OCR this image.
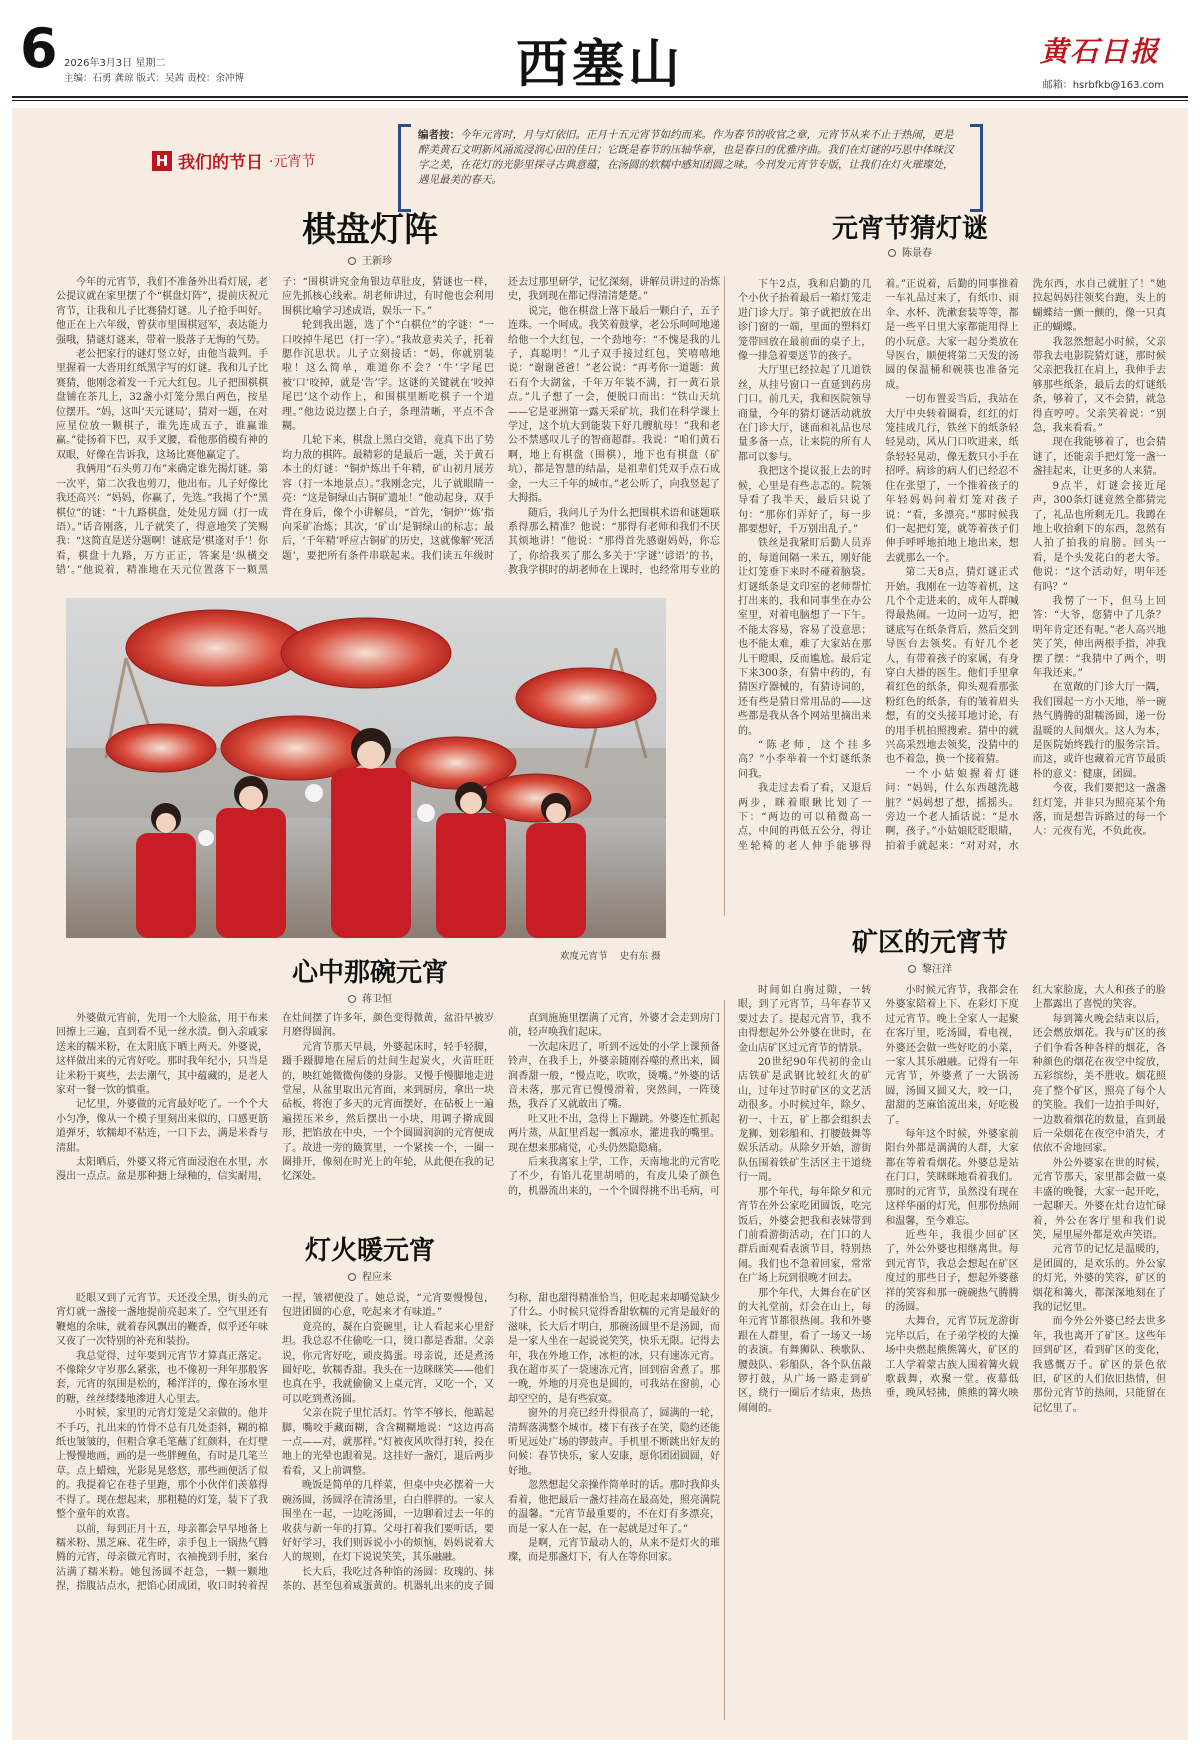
6 2026年3月3日 星期二
主编：石勇 龚琼 版式：吴茜 责校：余冲博	西塞山	黄石日报
邮箱：hsrbfkb@163.com
H 我们的节日 ·元宵节
编者按：今年元宵时，月与灯依旧。正月十五元宵节如约而来。作为春节的收官之章，元宵节从来不止于热闹，更是醉美黄石文明新风涌流浸润心田的佳日；它既是春节的压轴华章，也是春日的优雅序曲。我们在灯谜的巧思中体味汉字之美，在花灯的光影里探寻古典意蕴，在汤圆的软糯中感知团圆之味。今刊发元宵节专版，让我们在灯火璀璨处，遇见最美的春天。
棋盘灯阵
王新珍

今年的元宵节，我们不准备外出看灯展，老公提议就在家里摆了个“棋盘灯阵”，提前庆祝元宵节，让我和儿子比赛猜灯谜。儿子抢手叫好。他正在上六年级，曾获市里围棋冠军，表达能力强哦，猜谜灯谜来，带着一股落子无悔的气势。

老公把家行的谜灯竖立好，由他当裁判。手里握着一大沓用红纸黑字写的灯谜。我和儿子比赛猜，他刚念着发一千元大红包。儿子把围棋棋盘铺在茶几上，32盏小灯笼分黑白两色，按星位摆开。“妈，这叫‘天元谜局’，猜对一题，在对应星位放一颗棋子，谁先连成五子，谁赢谁赢。”徒扬着下巴，双手叉腰，看他那俏模有神的双眼，好像在告诉我，这场比赛他赢定了。

我俩用“石头剪刀布”来确定谁先揭灯谜。第一次平，第二次我也剪刀，他出布。儿子好像比我还高兴：“妈妈，你赢了，先选。”我揭了个“黑棋位”的谜：“十九路棋盘，处处见方圆（打一成语）。”话音刚落，儿子就笑了，得意地笑了笑赐我：“这简直是送分题啊！谜底是‘棋逢对手’！你看，棋盘十九路，万方正正，答案是‘纵横交错’。”他说着，精准地在天元位置落下一颗黑子：“围棋讲究金角银边草肚皮，猜谜也一样，应先抓核心线索。胡老师讲过，有时他也会利用围棋比喻学习述成语，娱乐一下。”

轮到我出题，选了个“白棋位”的字谜：“一口咬掉牛尾巴（打一字）。”我故意卖关子，托着腮作沉思状。儿子立刻接话：“妈，你就别装啦！这么简单，难道你不会？‘牛’字尾巴被‘口’咬掉，就是‘告’字。这谜的关键就在‘咬掉尾巴’这个动作上，和围棋里断吃棋子一个道理。”他边说边摆上白子，条理清晰，平点不含糊。

几轮下来，棋盘上黑白交错，竟真下出了势均力敌的棋阵。最精彩的是最后一题，关于黄石本土的灯谜：“铜炉炼出千年精，矿山初月展芳容（打一本地景点）。”我刚念完，儿子就眼睛一亮：“这是铜绿山古铜矿遗址！”他动起身，双手背在身后，像个小讲解员，“首先，‘铜炉’‘炼’指向采矿冶炼；其次，‘矿山’是铜绿山的标志；最后，‘千年精’呼应古铜矿的历史，这就像解‘死活题’，要把所有条件串联起来。我们读五年级时还去过那里研学，记忆深刻，讲解员讲过的冶炼史，我到现在都记得清清楚楚。”

说完，他在棋盘上落下最后一颗白子，五子连珠。一个呵成。我笑着鼓掌，老公乐呵呵地递给他一个大红包，一个劲地夸：“不愧是我的儿子，真聪明！”儿子双手接过红包，笑嘻嘻地说：“谢谢爸爸！”老公说：“再考你一道题：黄石有个大湖盆，千年万年装不满，打一黄石景点。”儿子想了一会，便脱口而出：“铁山天坑——它是亚洲第一露天采矿坑，我们在科学课上学过，这个坑大到能装下好几艘航母！”我和老公不禁感叹儿子的智商超群。我说：“咱们黄石啊，地上有棋盘（围棋），地下也有棋盘（矿坑），都是智慧的结晶，是祖辈们凭双手点石成金，一大三千年的城市。”老公听了，向我竖起了大拇指。

随后，我问儿子为什么把围棋术语和谜题联系得那么精准？他说：“那得有老师和我们不厌其烦地讲！”他说：“那得首先感谢妈妈，你忘了，你给我买了那么多关于‘字谜’‘谚语’的书，教我学棋时的胡老师在上课时，也经常用专业的

欢度元宵节 史有东 摄
元宵节猜灯谜
陈景春

下午2点，我和启勤的几个小伙子抬着最后一箱灯笼走进门诊大厅。第子就把放在出诊门窗的一端，里面的塑料灯笼带回放在最前面的桌子上，像一排急着要送节的孩子。

大厅里已经拉起了几道铁丝，从挂号窗口一直延到药房门口。前几天，我和医院领导商量，今年的猜灯谜活动就放在门诊大厅，谜面和礼品也尽量多备一点，让来院的所有人都可以参与。

我把这个提议报上去的时候，心里是有些忐忑的。院领导看了我半天，最后只说了句：“那你们弄好了，每一步都要想好，千万别出乱子。”

铁丝是我紧盯后勤人员弄的，每道间隔一米五，刚好能让灯笼垂下来时不碰着脑袋。灯谜纸条是文印室的老师帮忙打出来的，我和同事坐在办公室里，对着电脑想了一下午。不能太容易，容易了没意思；也不能太难，难了大家站在那儿干瞪眼，反而尴尬。最后定下来300条，有猜中药的，有猜医疗器械的，有猜诗词的，还有些是猜日常用品的——这些都是我从各个网站里摘出来的。

“陈老师，这个挂多高？”小李举着一个灯谜纸条问我。

我走过去看了看，又退后两步，眯着眼瞅比划了一下：“两边的可以稍微高一点，中间的再低五公分，得让坐轮椅的老人伸手能够得着。”正说着，后勤的同事推着一车礼品过来了，有纸巾、雨伞、水杯、洗漱套装等等，都是一些平日里大家都能用得上的小玩意。大家一起分类放在导医台，顺便将第二天发的汤圆的保温桶和碗筷也准备完成。

一切布置妥当后，我站在大厅中央转着圈看，红红的灯笼挂成几行，铁丝下的纸条轻轻晃动，风从门口吹进来，纸条轻轻晃动，像无数只小手在招呼。病诊的病人们已经忍不住在张望了，一个推着孩子的年轻妈妈问着灯笼对孩子说：“看，多漂亮。”那时候我们一起把灯笼，就等着孩子们伸手呼呼地拍地上地出来，想去就那么一个。

第二天8点，猜灯谜正式开始。我刚在一边等着机，这几个个走进来的，成年人群喊得最热闹。一边问一边写，把谜底写在纸条背后，然后交到导医台去领奖。有好几个老人，有带着孩子的家属，有身穿白大褂的医生。他们手里拿着红色的纸条，仰头观看那张粉红色的纸条，有的皱着眉头想，有的交头接耳地讨论，有的用手机拍照搜索。猜中的就兴高采烈地去领奖，没猜中的也不着急，换一个接着猜。

一个小姑娘握着灯谜问：“妈妈，什么东西越洗越脏？”妈妈想了想，摇摇头。旁边一个老人插话说：“是水啊，孩子。”小姑娘眨眨眼睛，拍着手就起来：“对对对，水洗东西，水自己就脏了！”她拉起妈妈往领奖台跑，头上的蝴蝶结一颤一颤的，像一只真正的蝴蝶。

我忽然想起小时候，父亲带我去电影院猜灯谜，那时候父亲把我扛在肩上，我伸手去够那些纸条，最后去的灯谜纸条，够着了，又不会猜，就急得直哼哼。父亲笑着说：“别急，我来看看。”

现在我能够着了，也会猜谜了，还能亲手把灯笼一盏一盏挂起来，让更多的人来猜。

9点半，灯谜会接近尾声，300条灯谜竟然全都猜完了，礼品也所剩无几。我蹲在地上收拾剩下的东西，忽然有人拍了拍我的肩膀。回头一看，是个头发花白的老大爷。他说：“这个活动好，明年还有吗？”

我愣了一下，但马上回答：“大爷，您猜中了几条？明年肯定还有呢。”老人高兴地笑了笑，伸出两根手指，冲我摆了摆：“我猜中了两个，明年我还来。”

在宽敞的门诊大厅一隅，我们围起一方小天地，举一碗热气腾腾的甜糯汤圆，递一份温暖的人间烟火。这人为本，是医院始终践行的服务宗旨。而这，或许也藏着元宵节最质朴的意义：健康，团圆。

今夜，我们要把这一盏盏红灯笼，并非只为照亮某个角落，而是想告诉路过的每一个人：元夜有光，不负此夜。

心中那碗元宵
蒋卫恒

外婆做元宵前，先用一个大脸盆，用干布来回擦上三遍，直到看不见一丝水渍。倒入亲戚家送来的糯米粉，在太阳底下晒上两天。外婆说，这样做出来的元宵好吃。那时我年纪小，只当是让米粉干爽些，去去潮气，其中蕴藏的，是老人家对一餐一饮的慎重。

记忆里，外婆做的元宵最好吃了。一个个大小匀净，像从一个模子里刻出来似的，口感更筋道弹牙，软糯却不粘连，一口下去，满是米香与清甜。

太阳晒后，外婆又将元宵面浸泡在水里，水漫出一点点。盆是那种搪上绿釉的，信实耐用，在灶间摆了许多年，颜色变得微黄，盆沿早被岁月磨得圆润。

元宵节那天早晨，外婆起床时，轻手轻脚，蹑手蹑脚地在屋后的灶间生起炭火，火苗旺旺的，映红她微微佝偻的身影。又慢手慢脚地走进堂屋，从盆里取出元宵面，来到厨房，拿出一块砧板，将泡了多天的元宵面摆好，在砧板上一遍遍搓压米乡，然后摆出一小块，用调子擀成圆形，把馅放在中央，一个个圆圆润润的元宵便成了。故进一旁的簸箕里，一个紧挨一个，一圈一圈排开，像刻在时光上的年轮，从此便在我的记忆深处。

直到施施里摆满了元宵，外婆才会走到房门前，轻声唤我们起床。

一次起床迟了，听到不远处的小学上课预备铃声，在我手上，外婆亲随刚吞噬的煮出来，圆润香甜一般，“慢点吃，吹吹，烫嘴。”外婆的话音未落，那元宵已慢慢滑着，突然间，一阵烫热，我吞了又就敢出了嘴。

吐又吐不出，急得上下蹦跳。外婆连忙抓起两片蒸，从缸里舀起一瓢凉水，灌进我的嘴里。现在想来那痛觉，心头仍然隐隐痛。

后来我离家上学，工作，天南地北的元宵吃了不少，有馅儿花里胡哨的，有皮儿染了颜色的，机器流出来的，一个个圆得挑不出毛病，可

灯火暖元宵
程应来

眨眼又到了元宵节。天还没全黑，街头的元宵灯就一盏接一盏地提前亮起来了。空气里还有鞭炮的余味，就着春风飘出的鞭香，似乎还年味又夜了一次特别的补充和装扮。

我总觉得，过年要到元宵节才算真正落定。不像除夕守岁那么紧张，也不像初一拜年那般客套，元宵的氛围是松的，稀洋洋的，像在汤水里的糖，丝丝缕缕地渗进人心里去。

小时候，家里的元宵灯笼是父亲做的。他并不手巧，扎出来的竹骨不总有几处歪斜，糊的棉纸也皱皱的，但粗合拿毛笔蘸了红颜料，在灯壁上慢慢地画，画的是一些胖鲤鱼，有时是几笔兰草。点上蜡烛，光影晃晃悠悠，那些画便活了似的。我提着它在巷子里跑，那个小伙伴们羡慕得不得了。现在想起来，那粗糙的灯笼，装下了我整个童年的欢喜。

以前，每到正月十五，母亲都会早早地备上糯米粉、黑芝麻、花生碎，亲手包上一锅热气腾腾的元宵，母亲做元宵时，衣袖挽到手肘，案台沾满了糯米粉。她包汤圆不赶急，一颗一颗地捏，指腹沾点水，把馅心团成团，收口时转着捏一捏，皱褶便没了。她总说，“元宵要慢慢包，包进团圆的心意，吃起来才有味道。”

竟亮的，凝在白瓷碗里，让人看起来心里舒坦。我总忍不住偷吃一口，烫口都是香甜。父亲说，你元宵好吃，顽皮捣蛋。母亲说，还是煮汤圆好吃，软糯香甜。我头在一边眯眯笑——他们也真在乎，我就偷偷又上桌元宵，又吃一个，又可以吃到煮汤圆。

父亲在院子里忙活灯。竹竿不够长，他踮起脚，嘴咬手藏面糊，含含糊糊地说：“这边再高一点——对，就那样。”灯被夜风吹得打转，投在地上的光晕也跟着晃。这挂好一盏灯，退后两步看看，又上前调整。

晚饭是简单的几样菜，但桌中央必摆着一大碗汤圆，汤圆浮在清汤里，白白胖胖的。一家人围坐在一起，一边吃汤圆，一边聊着过去一年的收获与新一年的打算。父母打着我们要听话，要好好学习，我们则诉说小小的烦恼，妈妈说着大人的规则，在灯下说说笑笑，其乐融融。

长大后，我吃过各种馅的汤圆：玫瑰的、抹茶的、甚至包着咸蛋黄的。机器轧出来的皮子圆匀称，甜也甜得精准恰当，但吃起来却嚼觉缺少了什么。小时候只觉得香甜软糯的元宵是最好的滋味，长大后才明白，那碗汤圆里不是汤圆，而是一家人坐在一起说说笑笑，快乐无限。记得去年，我在外地工作，冰柜的冰，只有速冻元宵。我在超市买了一袋速冻元宵，回到宿舍煮了。那一晚，外地的月亮也是圆的，可我站在窗前，心却空空的，是有些寂寞。

窗外的月亮已经升得很高了，圆满的一轮，清辉落满整个城市。楼下有孩子在笑，隐约还能听见远处广场的锣鼓声。手机里不断跳出好友的问候：春节快乐，家人安康，愿你团团圆圆，好好地。

忽然想起父亲操作简单时的话。那时我仰头看着，他把最后一盏灯挂高在最高处，照亮满院的温馨。“元宵节最重要的，不在灯有多漂亮，而是一家人在一起，在一起就是过年了。”

是啊，元宵节最动人的，从来不是灯火的璀璨，而是那盏灯下，有人在等你回家。

矿区的元宵节
黎汪洋

时间如白驹过隙，一转眼，到了元宵节，马年春节又要过去了。提起元宵节，我不由得想起外公外婆在世时，在金山店矿区过元宵节的情景。

20世纪90年代初的金山店铁矿是武钢比较红火的矿山，过年过节时矿区的文艺活动很多。小时候过年，除夕、初一、十五，矿上都会组织去龙狮、划彩船和、打腰鼓舞等娱乐活动。从除夕开始，游街队伍围着铁矿生活区主干道绕行一周。

那个年代，每年除夕和元宵节在外公家吃团圆饭，吃完饭后，外婆会把我和表妹带到门前看游街活动，在门口的人群后面观看表演节目，特别热闹。我们也不急着回家，常常在广场上玩到很晚才回去。

那个年代，大舞台在矿区的大礼堂前，灯会在山上，每年元宵节都很热闹。我和外婆跟在人群里，看了一场又一场的表演。有舞狮队、秧歌队、腰鼓队、彩船队，各个队伍敲锣打鼓，从广场一路走到矿区，绕行一圈后才结束，热热闹闹的。

小时候元宵节，我都会在外婆家陪着上下、在彩灯下度过元宵节。晚上全家人一起聚在客厅里，吃汤圆，看电视，外婆还会做一些好吃的小菜，一家人其乐融融。记得有一年元宵节，外婆煮了一大锅汤圆，汤圆又圆又大，咬一口，甜甜的芝麻馅流出来，好吃极了。

每年这个时候，外婆家前阳台外都是满满的人群，大家都在等着看烟花。外婆总是站在门口，笑眯眯地看着我们。那时的元宵节，虽然没有现在这样华丽的灯光，但那份热闹和温馨，至今难忘。

近些年，我很少回矿区了，外公外婆也相继离世。每到元宵节，我总会想起在矿区度过的那些日子，想起外婆慈祥的笑容和那一碗碗热气腾腾的汤圆。

大舞台，元宵节玩龙游街完毕以后，在子弟学校的大操场中央燃起熊熊篝火，矿区的工人学着蒙古族人围着篝火载歌载舞，欢聚一堂。夜幕低垂，晚风轻拂，熊熊的篝火映红大家脸庞，大人和孩子的脸上都露出了喜悦的笑容。

每到篝火晚会结束以后，还会燃放烟花。我与矿区的孩子们争看各种各样的烟花，各种颜色的烟花在夜空中绽放，五彩缤纷，美不胜收。烟花照亮了整个矿区，照亮了每个人的笑脸。我们一边拍手叫好，一边数着烟花的数量，直到最后一朵烟花在夜空中消失，才依依不舍地回家。

外公外婆家在世的时候，元宵节那天，家里都会做一桌丰盛的晚餐，大家一起开吃，一起聊天。外婆在灶台边忙碌着，外公在客厅里和我们说笑，屋里屋外都是欢声笑语。

元宵节的记忆是温暖的，是团圆的，是欢乐的。外公家的灯光，外婆的笑容，矿区的烟花和篝火，都深深地刻在了我的记忆里。

而今外公外婆已经去世多年，我也离开了矿区。这些年回到矿区，看到矿区的变化，我感慨万千。矿区的景色依旧，矿区的人们依旧热情，但那份元宵节的热闹，只能留在记忆里了。
